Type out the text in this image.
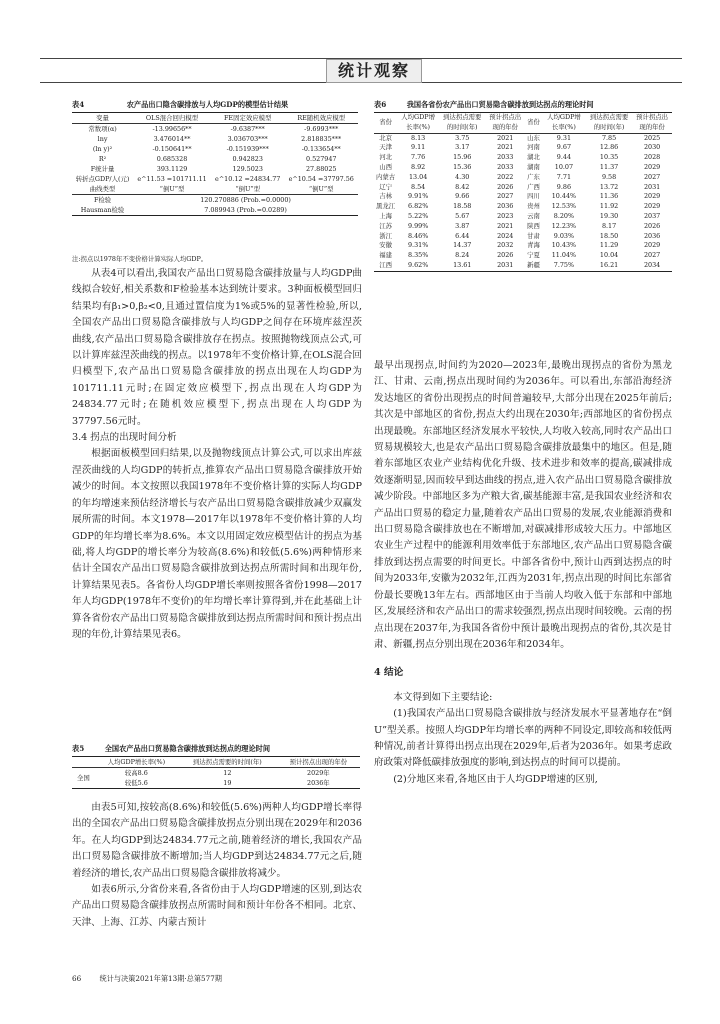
统计观察
表4	农产品出口隐含碳排放与人均GDP的模型估计结果
变量	OLS混合回归模型	FE固定效应模型	RE随机效应模型
常数项(α)	-13.99656**	-9.6387***	-9.6993***
lny	3.476014**	3.036703***	2.818835***
(ln y)²	-0.150641**	-0.151939***	-0.133654**
R²	0.685328	0.942823	0.527947
F统计量	393.1129	129.5023	27.88025
转折点GDP/人(元)	e^11.53 =101711.11	e^10.12 =24834.77	e^10.54 =37797.56
曲线类型	“倒U”型	“倒U”型	“倒U”型
F检验	120.270886 (Prob.=0.0000)		
Hausman检验	7.089943 (Prob.=0.0289)		
注:拐点以1978年不变价格计算实际人均GDP。

从表4可以看出,我国农产品出口贸易隐含碳排放量与人均GDP曲线拟合较好,相关系数和F检验基本达到统计要求。3种面板模型回归结果均有β₁>0,β₂<0,且通过置信度为1%或5%的显著性检验,所以,全国农产品出口贸易隐含碳排放与人均GDP之间存在环境库兹涅茨曲线,农产品出口贸易隐含碳排放存在拐点。按照抛物线顶点公式,可以计算库兹涅茨曲线的拐点。以1978年不变价格计算,在OLS混合回归模型下,农产品出口贸易隐含碳排放的拐点出现在人均GDP为101711.11元时;在固定效应模型下,拐点出现在人均GDP为24834.77元时;在随机效应模型下,拐点出现在人均GDP为37797.56元时。

3.4 拐点的出现时间分析

根据面板模型回归结果,以及抛物线顶点计算公式,可以求出库兹涅茨曲线的人均GDP的转折点,推算农产品出口贸易隐含碳排放开始减少的时间。本文按照以我国1978年不变价格计算的实际人均GDP的年均增速来预估经济增长与农产品出口贸易隐含碳排放减少双赢发展所需的时间。本文1978—2017年以1978年不变价格计算的人均GDP的年均增长率为8.6%。本文以用固定效应模型估计的拐点为基础,将人均GDP的增长率分为较高(8.6%)和较低(5.6%)两种情形来估计全国农产品出口贸易隐含碳排放到达拐点所需时间和出现年份,计算结果见表5。各省份人均GDP增长率则按照各省份1998—2017年人均GDP(1978年不变价)的年均增长率计算得到,并在此基础上计算各省份农产品出口贸易隐含碳排放到达拐点所需时间和预计拐点出现的年份,计算结果见表6。

表5	全国农产品出口贸易隐含碳排放到达拐点的理论时间
	人均GDP增长率(%)	到达拐点需要的时间(年)	预计拐点出现的年份
全国	较高8.6	12	2029年
	较低5.6	19	2036年

由表5可知,按较高(8.6%)和较低(5.6%)两种人均GDP增长率得出的全国农产品出口贸易隐含碳排放拐点分别出现在2029年和2036年。在人均GDP到达24834.77元之前,随着经济的增长,我国农产品出口贸易隐含碳排放不断增加;当人均GDP到达24834.77元之后,随着经济的增长,农产品出口贸易隐含碳排放将减少。

如表6所示,分省份来看,各省份由于人均GDP增速的区别,到达农产品出口贸易隐含碳排放拐点所需时间和预计年份各不相同。北京、天津、上海、江苏、内蒙古预计

表6	我国各省份农产品出口贸易隐含碳排放到达拐点的理论时间
省份	人均GDP增长率(%)	到达拐点需要的时间(年)	预计拐点出现的年份	省份	人均GDP增长率(%)	到达拐点需要的时间(年)	预计拐点出现的年份
北京	8.13	3.75	2021	山东	9.31	7.85	2025
天津	9.11	3.17	2021	河南	9.67	12.86	2030
河北	7.76	15.96	2033	湖北	9.44	10.35	2028
山西	8.92	15.36	2033	湖南	10.07	11.37	2029
内蒙古	13.04	4.30	2022	广东	7.71	9.58	2027
辽宁	8.54	8.42	2026	广西	9.86	13.72	2031
吉林	9.91%	9.66	2027	四川	10.44%	11.36	2029
黑龙江	6.82%	18.58	2036	贵州	12.53%	11.92	2029
上海	5.22%	5.67	2023	云南	8.20%	19.30	2037
江苏	9.99%	3.87	2021	陕西	12.23%	8.17	2026
浙江	8.46%	6.44	2024	甘肃	9.03%	18.50	2036
安徽	9.31%	14.37	2032	青海	10.43%	11.29	2029
福建	8.35%	8.24	2026	宁夏	11.04%	10.04	2027
江西	9.62%	13.61	2031	新疆	7.75%	16.21	2034

最早出现拐点,时间约为2020—2023年,最晚出现拐点的省份为黑龙江、甘肃、云南,拐点出现时间约为2036年。可以看出,东部沿海经济发达地区的省份出现拐点的时间普遍较早,大部分出现在2025年前后;其次是中部地区的省份,拐点大约出现在2030年;西部地区的省份拐点出现最晚。东部地区经济发展水平较快,人均收入较高,同时农产品出口贸易规模较大,也是农产品出口贸易隐含碳排放最集中的地区。但是,随着东部地区农业产业结构优化升级、技术进步和效率的提高,碳减排成效逐渐明显,因而较早到达曲线的拐点,进入农产品出口贸易隐含碳排放减少阶段。中部地区多为产粮大省,碳基能源丰富,是我国农业经济和农产品出口贸易的稳定力量,随着农产品出口贸易的发展,农业能源消费和出口贸易隐含碳排放也在不断增加,对碳减排形成较大压力。中部地区农业生产过程中的能源利用效率低于东部地区,农产品出口贸易隐含碳排放到达拐点需要的时间更长。中部各省份中,预计山西到达拐点的时间为2033年,安徽为2032年,江西为2031年,拐点出现的时间比东部省份最长要晚13年左右。西部地区由于当前人均收入低于东部和中部地区,发展经济和农产品出口的需求较强烈,拐点出现时间较晚。云南的拐点出现在2037年,为我国各省份中预计最晚出现拐点的省份,其次是甘肃、新疆,拐点分别出现在2036年和2034年。

4 结论

本文得到如下主要结论:

(1)我国农产品出口贸易隐含碳排放与经济发展水平显著地存在“倒U”型关系。按照人均GDP年均增长率的两种不同设定,即较高和较低两种情况,前者计算得出拐点出现在2029年,后者为2036年。如果考虑政府政策对降低碳排放强度的影响,到达拐点的时间可以提前。

(2)分地区来看,各地区由于人均GDP增速的区别,

66	统计与决策2021年第13期·总第577期
